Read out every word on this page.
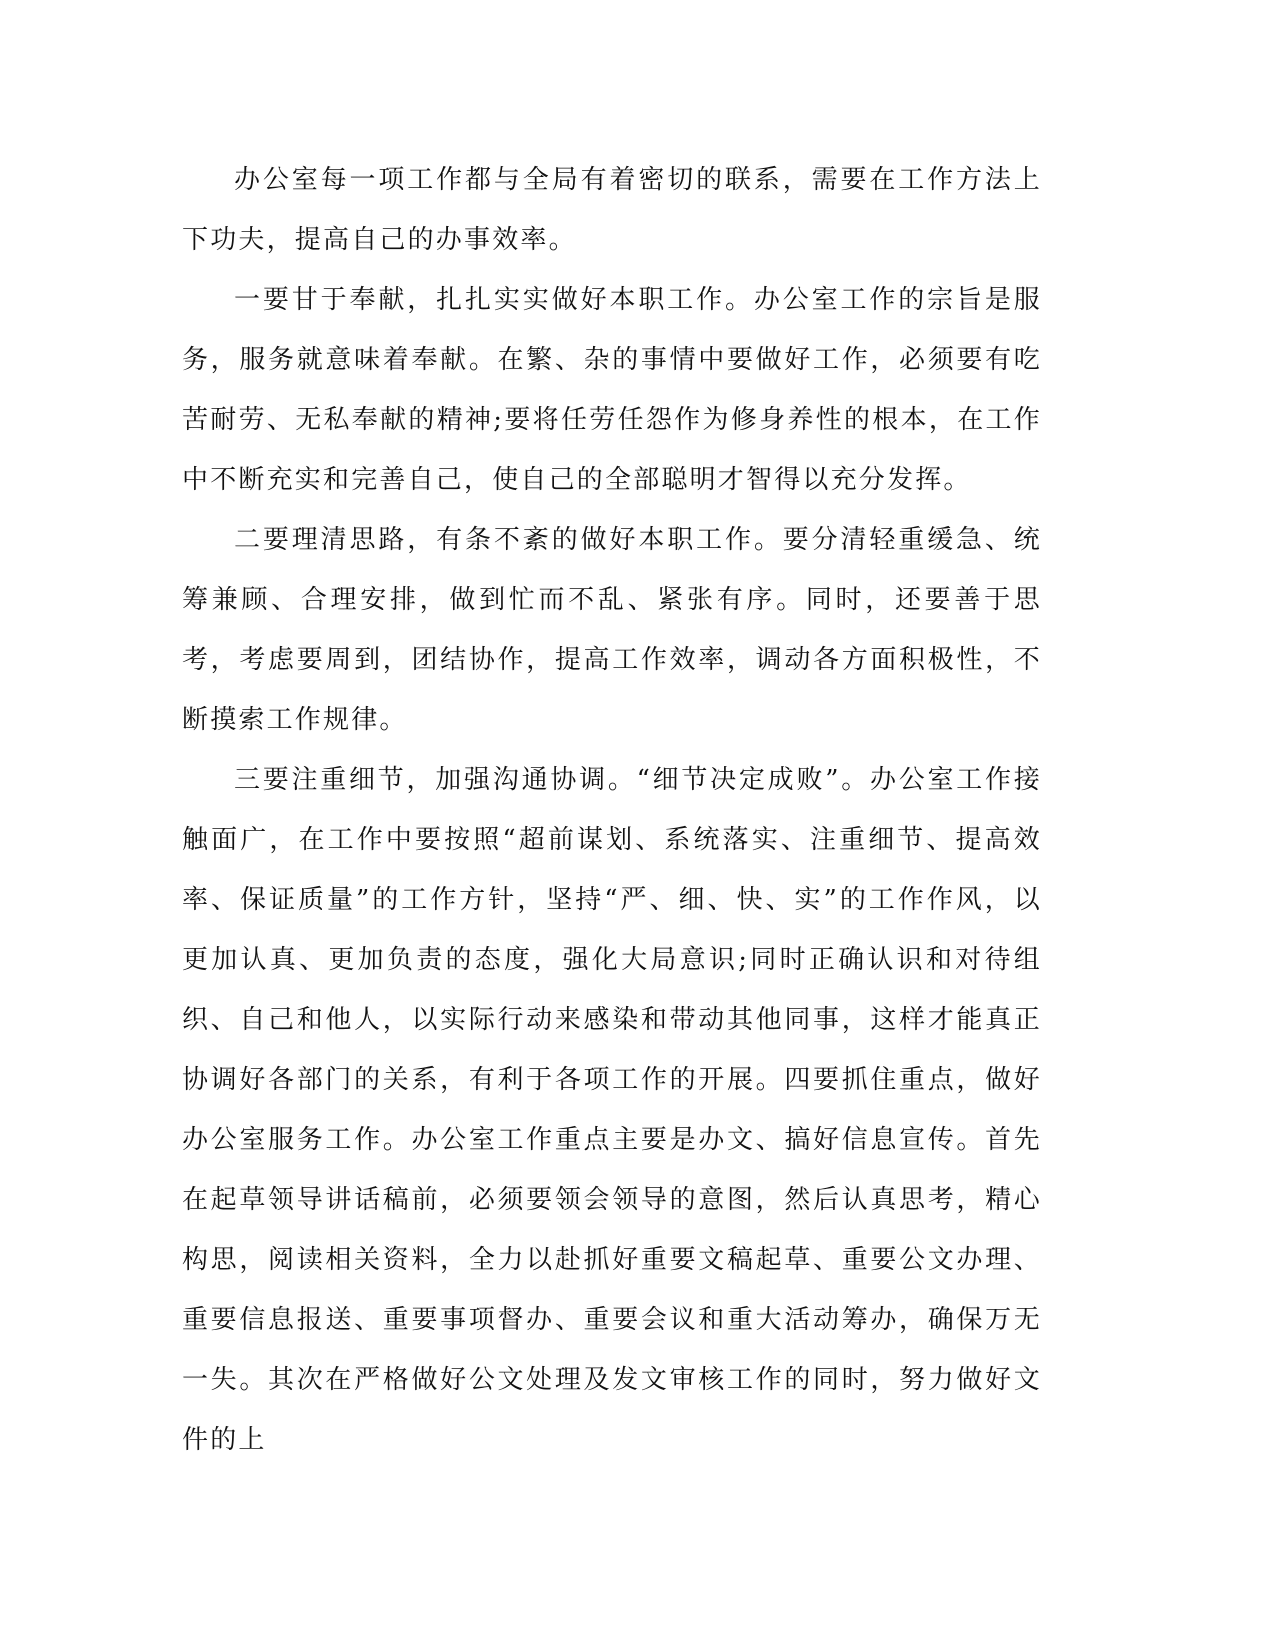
办公室每一项工作都与全局有着密切的联系，需要在工作方法上下功夫，提高自己的办事效率。

一要甘于奉献，扎扎实实做好本职工作。办公室工作的宗旨是服务，服务就意味着奉献。在繁、杂的事情中要做好工作，必须要有吃苦耐劳、无私奉献的精神;要将任劳任怨作为修身养性的根本，在工作中不断充实和完善自己，使自己的全部聪明才智得以充分发挥。

二要理清思路，有条不紊的做好本职工作。要分清轻重缓急、统筹兼顾、合理安排，做到忙而不乱、紧张有序。同时，还要善于思考，考虑要周到，团结协作，提高工作效率，调动各方面积极性，不断摸索工作规律。

三要注重细节，加强沟通协调。“细节决定成败”。办公室工作接触面广，在工作中要按照“超前谋划、系统落实、注重细节、提高效率、保证质量”的工作方针，坚持“严、细、快、实”的工作作风，以更加认真、更加负责的态度，强化大局意识;同时正确认识和对待组织、自己和他人，以实际行动来感染和带动其他同事，这样才能真正协调好各部门的关系，有利于各项工作的开展。四要抓住重点，做好办公室服务工作。办公室工作重点主要是办文、搞好信息宣传。首先在起草领导讲话稿前，必须要领会领导的意图，然后认真思考，精心构思，阅读相关资料，全力以赴抓好重要文稿起草、重要公文办理、重要信息报送、重要事项督办、重要会议和重大活动筹办，确保万无一失。其次在严格做好公文处理及发文审核工作的同时，努力做好文件的上
